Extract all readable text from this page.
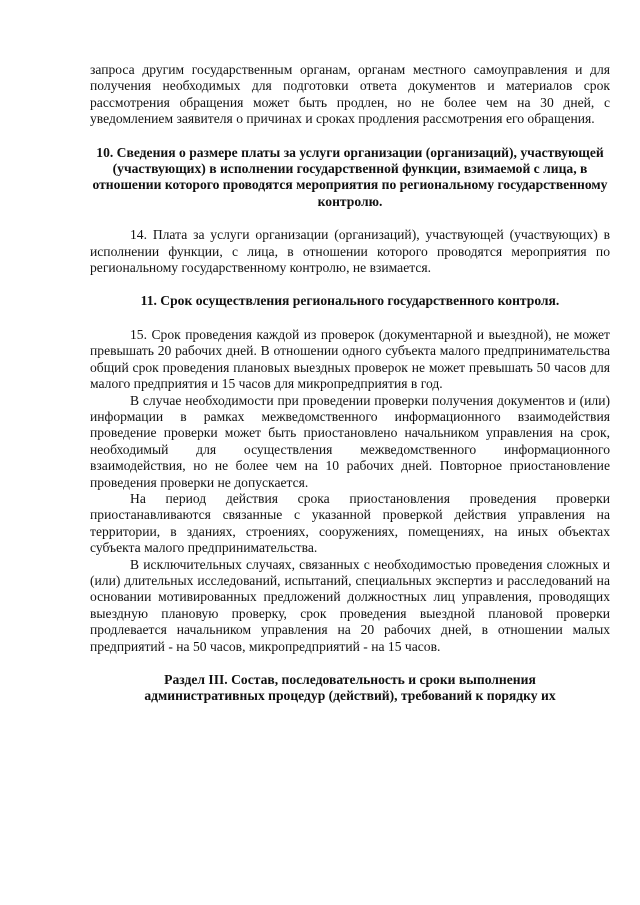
запроса другим государственным органам, органам местного самоуправления и для получения необходимых для подготовки ответа документов и материалов срок рассмотрения обращения может быть продлен, но не более чем на 30 дней, с уведомлением заявителя о причинах и сроках продления рассмотрения его обращения.

10. Сведения о размере платы за услуги организации (организаций), участвующей (участвующих) в исполнении государственной функции, взимаемой с лица, в отношении которого проводятся мероприятия по региональному государственному контролю.

14. Плата за услуги организации (организаций), участвующей (участвующих) в исполнении функции, с лица, в отношении которого проводятся мероприятия по региональному государственному контролю, не взимается.

11. Срок осуществления регионального государственного контроля.

15. Срок проведения каждой из проверок (документарной и выездной), не может превышать 20 рабочих дней. В отношении одного субъекта малого предпринимательства общий срок проведения плановых выездных проверок не может превышать 50 часов для малого предприятия и 15 часов для микропредприятия в год.

В случае необходимости при проведении проверки получения документов и (или) информации в рамках межведомственного информационного взаимодействия проведение проверки может быть приостановлено начальником управления на срок, необходимый для осуществления межведомственного информационного взаимодействия, но не более чем на 10 рабочих дней. Повторное приостановление проведения проверки не допускается.

На период действия срока приостановления проведения проверки приостанавливаются связанные с указанной проверкой действия управления на территории, в зданиях, строениях, сооружениях, помещениях, на иных объектах субъекта малого предпринимательства.

В исключительных случаях, связанных с необходимостью проведения сложных и (или) длительных исследований, испытаний, специальных экспертиз и расследований на основании мотивированных предложений должностных лиц управления, проводящих выездную плановую проверку, срок проведения выездной плановой проверки продлевается начальником управления на 20 рабочих дней, в отношении малых предприятий - на 50 часов, микропредприятий - на 15 часов.

Раздел III. Состав, последовательность и сроки выполнения
административных процедур (действий), требований к порядку их
